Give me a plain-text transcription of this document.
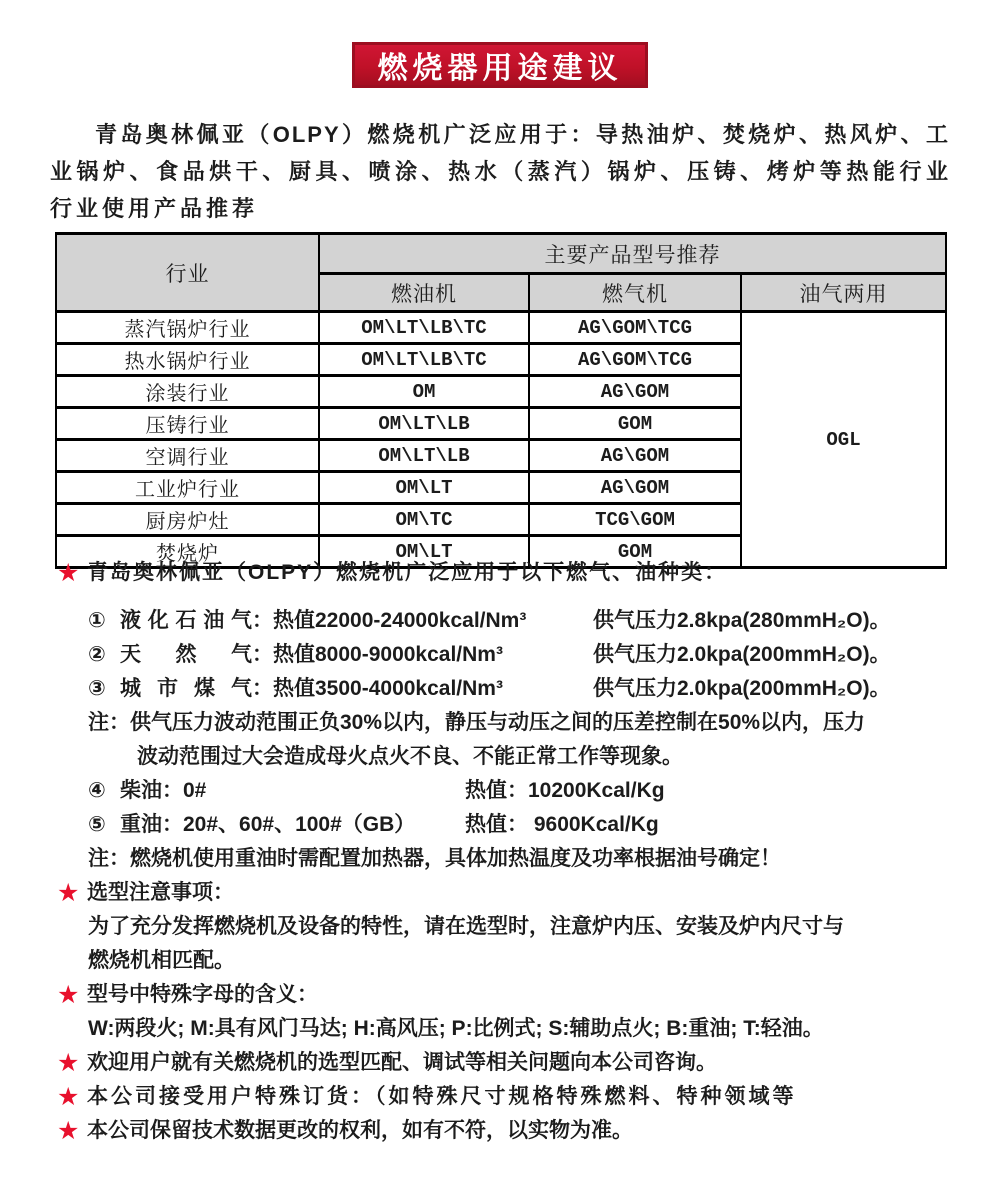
燃烧器用途建议
青岛奥林佩亚（OLPY）燃烧机广泛应用于：导热油炉、焚烧炉、热风炉、工
业锅炉、食品烘干、厨具、喷涂、热水（蒸汽）锅炉、压铸、烤炉等热能行业
行业使用产品推荐
行业	主要产品型号推荐		
	燃油机	燃气机	油气两用
蒸汽锅炉行业	OM\LT\LB\TC	AG\GOM\TCG	OGL
热水锅炉行业	OM\LT\LB\TC	AG\GOM\TCG	
涂装行业	OM	AG\GOM	
压铸行业	OM\LT\LB	GOM	
空调行业	OM\LT\LB	AG\GOM	
工业炉行业	OM\LT	AG\GOM	
厨房炉灶	OM\TC	TCG\GOM	
焚烧炉	OM\LT	GOM	
★ 青岛奥林佩亚（OLPY）燃烧机广泛应用于以下燃气、油种类：
① 液化石油气 ： 热值22000-24000kcal/Nm³	供气压力2.8kpa(280mmH₂O)。
② 天然气 ： 热值8000-9000kcal/Nm³	供气压力2.0kpa(200mmH₂O)。
③ 城市煤气 ： 热值3500-4000kcal/Nm³	供气压力2.0kpa(200mmH₂O)。
注：供气压力波动范围正负30%以内，静压与动压之间的压差控制在50%以内，压力
波动范围过大会造成母火点火不良、不能正常工作等现象。
④ 柴油 ： 0#	热值： 10200Kcal/Kg
⑤ 重油 ： 20#、60#、100#（GB）	热值： 9600Kcal/Kg
注：燃烧机使用重油时需配置加热器，具体加热温度及功率根据油号确定！
★ 选型注意事项：
为了充分发挥燃烧机及设备的特性，请在选型时，注意炉内压、安装及炉内尺寸与
燃烧机相匹配。
★ 型号中特殊字母的含义：
W:两段火; M:具有风门马达; H:高风压; P:比例式; S:辅助点火; B:重油; T:轻油。
★ 欢迎用户就有关燃烧机的选型匹配、调试等相关问题向本公司咨询。
★ 本公司接受用户特殊订货：（如特殊尺寸规格特殊燃料、特种领域等
★ 本公司保留技术数据更改的权利，如有不符，以实物为准。
